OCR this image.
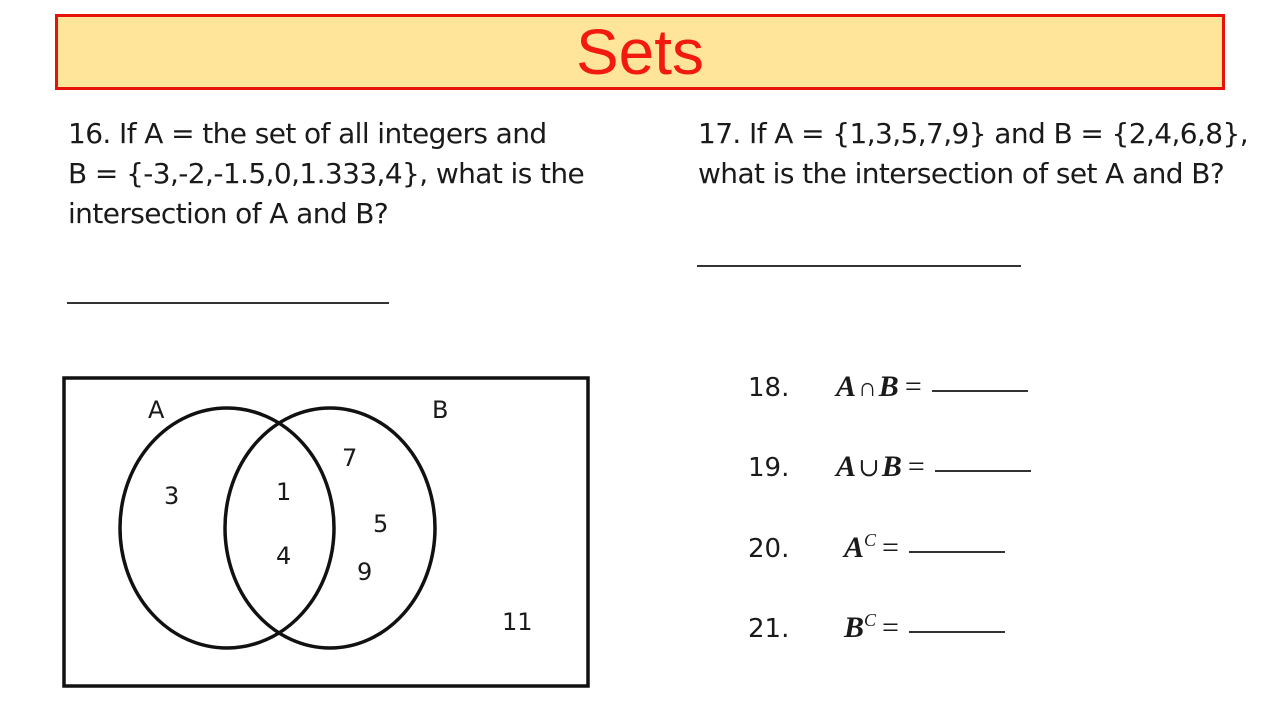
Sets
16. If A = the set of all integers and
B = {-3,-2,-1.5,0,1.333,4}, what is the
intersection of A and B?
17. If A = {1,3,5,7,9} and B = {2,4,6,8},
what is the intersection of set A and B?
A	B
3	1
4
7
5
9
11
18.	A∩B =
19.	A∪B =
20.	$A^C$ =
21.	$B^C$ =
